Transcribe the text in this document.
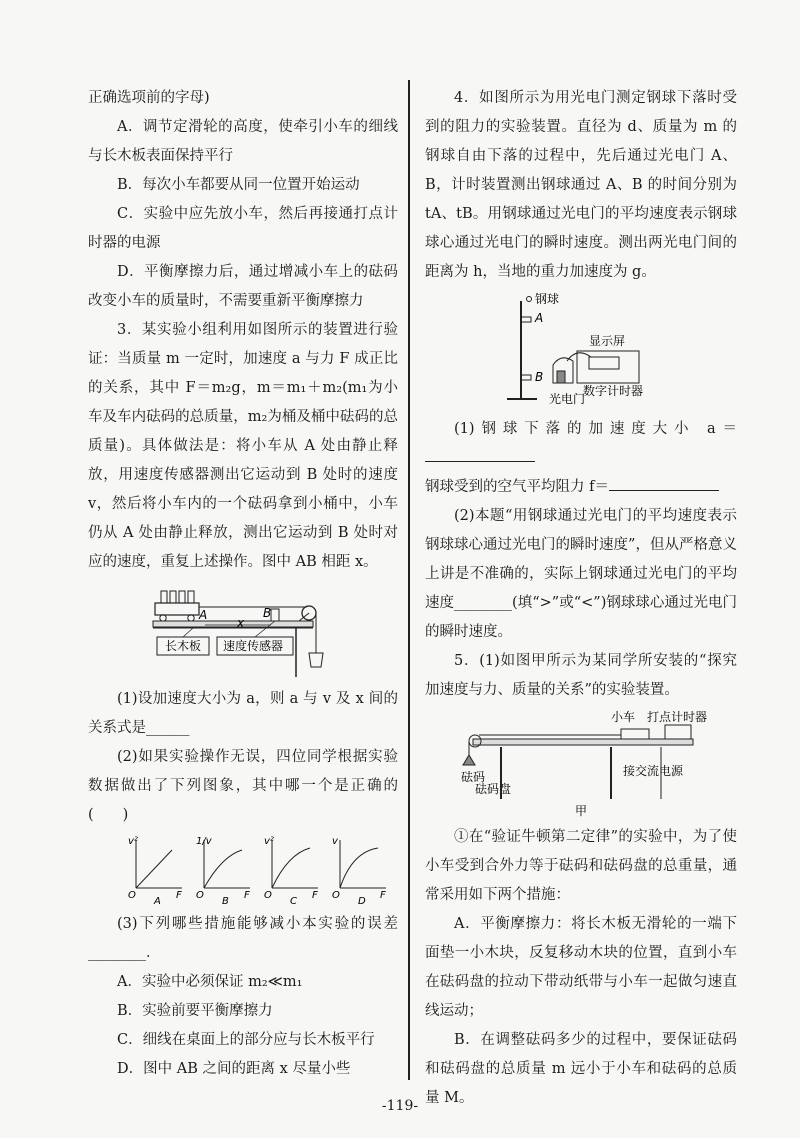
正确选项前的字母)

A．调节定滑轮的高度，使牵引小车的细线与长木板表面保持平行

B．每次小车都要从同一位置开始运动

C．实验中应先放小车，然后再接通打点计时器的电源

D．平衡摩擦力后，通过增减小车上的砝码改变小车的质量时，不需要重新平衡摩擦力

3．某实验小组利用如图所示的装置进行验证：当质量 m 一定时，加速度 a 与力 F 成正比的关系，其中 F＝m₂g，m＝m₁＋m₂(m₁为小车及车内砝码的总质量，m₂为桶及桶中砝码的总质量)。具体做法是：将小车从 A 处由静止释放，用速度传感器测出它运动到 B 处时的速度 v，然后将小车内的一个砝码拿到小桶中，小车仍从 A 处由静止释放，测出它运动到 B 处时对应的速度，重复上述操作。图中 AB 相距 x。

A	B
x
长木板 速度传感器

(1)设加速度大小为 a，则 a 与 v 及 x 间的关系式是______

(2)如果实验操作无误，四位同学根据实验数据做出了下列图象，其中哪一个是正确的(　　)

v²
O	F
A
1/v
O	F
B
v²
O	F
C
v
O	F
D

(3)下列哪些措施能够减小本实验的误差________．

A．实验中必须保证 m₂≪m₁

B．实验前要平衡摩擦力

C．细线在桌面上的部分应与长木板平行

D．图中 AB 之间的距离 x 尽量小些

4．如图所示为用光电门测定钢球下落时受到的阻力的实验装置。直径为 d、质量为 m 的钢球自由下落的过程中，先后通过光电门 A、B，计时装置测出钢球通过 A、B 的时间分别为 tA、tB。用钢球通过光电门的平均速度表示钢球球心通过光电门的瞬时速度。测出两光电门间的距离为 h，当地的重力加速度为 g。

钢球
A
B
光电门
显示屏
数字计时器

(1)钢球下落的加速度大小 a＝

钢球受到的空气平均阻力 f＝

(2)本题“用钢球通过光电门的平均速度表示钢球球心通过光电门的瞬时速度”，但从严格意义上讲是不准确的，实际上钢球通过光电门的平均速度________(填“>”或“<”)钢球球心通过光电门的瞬时速度。

5．(1)如图甲所示为某同学所安装的“探究加速度与力、质量的关系”的实验装置。

小车 打点计时器
砝码
砝码盘
接交流电源
甲

①在“验证牛顿第二定律”的实验中，为了使小车受到合外力等于砝码和砝码盘的总重量，通常采用如下两个措施：

A．平衡摩擦力：将长木板无滑轮的一端下面垫一小木块，反复移动木块的位置，直到小车在砝码盘的拉动下带动纸带与小车一起做匀速直线运动；

B．在调整砝码多少的过程中，要保证砝码和砝码盘的总质量 m 远小于小车和砝码的总质量 M。

-119-
